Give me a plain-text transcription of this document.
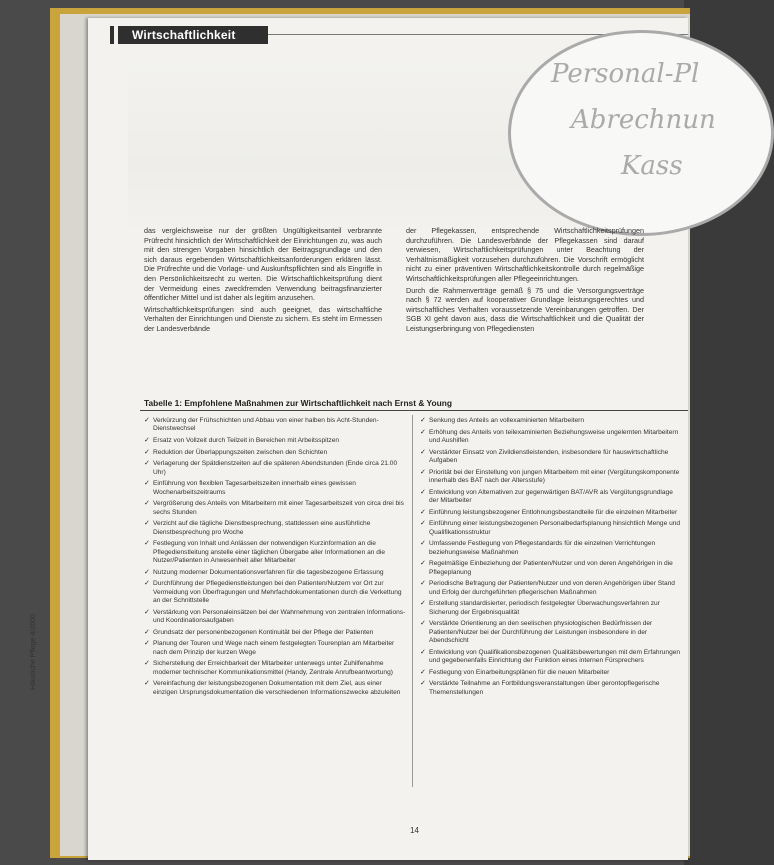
Wirtschaftlichkeit
Personal-Pl
Abrechnun
Kass

das vergleichsweise nur der größten Ungültigkeitsanteil verbrannte Prüfrecht hinsichtlich der Wirtschaftlichkeit der Einrichtungen zu, was auch mit den strengen Vorgaben hinsichtlich der Beitragsgrundlage und den sich daraus ergebenden Wirtschaftlichkeitsanforderungen erklären lässt. Die Prüfrechte und die Vorlage- und Auskunftspflichten sind als Eingriffe in den Persönlichkeitsrecht zu werten. Die Wirtschaftlichkeitsprüfung dient der Vermeidung eines zweckfremden Verwendung beitragsfinanzierter öffentlicher Mittel und ist daher als legitim anzusehen.

Wirtschaftlichkeitsprüfungen sind auch geeignet, das wirtschaftliche Verhalten der Einrichtungen und Dienste zu sichern. Es steht im Ermessen der Landesverbände

der Pflegekassen, entsprechende Wirtschaftlichkeitsprüfungen durchzuführen. Die Landesverbände der Pflegekassen sind darauf verwiesen, Wirtschaftlichkeitsprüfungen unter Beachtung der Verhältnismäßigkeit vorzusehen durchzuführen. Die Vorschrift ermöglicht nicht zu einer präventiven Wirtschaftlichkeitskontrolle durch regelmäßige Wirtschaftlichkeitsprüfungen aller Pflegeeinrichtungen.

Durch die Rahmenverträge gemäß § 75 und die Versorgungsverträge nach § 72 werden auf kooperativer Grundlage leistungsgerechtes und wirtschaftliches Verhalten voraussetzende Vereinbarungen getroffen. Der SGB XI geht davon aus, dass die Wirtschaftlichkeit und die Qualität der Leistungserbringung von Pflegediensten

Tabelle 1: Empfohlene Maßnahmen zur Wirtschaftlichkeit nach Ernst & Young
✓ Verkürzung der Frühschichten und Abbau von einer halben bis Acht-Stunden-Dienstwechsel
✓ Ersatz von Vollzeit durch Teilzeit in Bereichen mit Arbeitsspitzen
✓ Reduktion der Überlappungszeiten zwischen den Schichten
✓ Verlagerung der Spätdienstzeiten auf die späteren Abendstunden (Ende circa 21.00 Uhr)
✓ Einführung von flexiblen Tagesarbeitszeiten innerhalb eines gewissen Wochenarbeitszeitraums
✓ Vergrößerung des Anteils von Mitarbeitern mit einer Tagesarbeitszeit von circa drei bis sechs Stunden
✓ Verzicht auf die tägliche Dienstbesprechung, stattdessen eine ausführliche Dienstbesprechung pro Woche
✓ Festlegung von Inhalt und Anlässen der notwendigen Kurzinformation an die Pflegedienstleitung anstelle einer täglichen Übergabe aller Informationen an die Nutzer/Patienten in Anwesenheit aller Mitarbeiter
✓ Nutzung moderner Dokumentationsverfahren für die tagesbezogene Erfassung
✓ Durchführung der Pflegedienstleistungen bei den Patienten/Nutzern vor Ort zur Vermeidung von Überfragungen und Mehrfachdokumentationen durch die Verkettung an der Schnittstelle
✓ Verstärkung von Personaleinsätzen bei der Wahrnehmung von zentralen Informations- und Koordinationsaufgaben
✓ Grundsatz der personenbezogenen Kontinuität bei der Pflege der Patienten
✓ Planung der Touren und Wege nach einem festgelegten Tourenplan am Mitarbeiter nach dem Prinzip der kurzen Wege
✓ Sicherstellung der Erreichbarkeit der Mitarbeiter unterwegs unter Zuhilfenahme moderner technischer Kommunikationsmittel (Handy, Zentrale Anrufbeantwortung)
✓ Vereinfachung der leistungsbezogenen Dokumentation mit dem Ziel, aus einer einzigen Ursprungsdokumentation die verschiedenen Informationszwecke abzuleiten
✓ Senkung des Anteils an vollexaminierten Mitarbeitern
✓ Erhöhung des Anteils von teilexaminierten Beziehungsweise ungelernten Mitarbeitern und Aushilfen
✓ Verstärkter Einsatz von Zivildienstleistenden, insbesondere für hauswirtschaftliche Aufgaben
✓ Priorität bei der Einstellung von jungen Mitarbeitern mit einer (Vergütungskomponente innerhalb des BAT nach der Altersstufe)
✓ Entwicklung von Alternativen zur gegenwärtigen BAT/AVR als Vergütungsgrundlage der Mitarbeiter
✓ Einführung leistungsbezogener Entlohnungsbestandteile für die einzelnen Mitarbeiter
✓ Einführung einer leistungsbezogenen Personalbedarfsplanung hinsichtlich Menge und Qualifikationsstruktur
✓ Umfassende Festlegung von Pflegestandards für die einzelnen Verrichtungen beziehungsweise Maßnahmen
✓ Regelmäßige Einbeziehung der Patienten/Nutzer und von deren Angehörigen in die Pflegeplanung
✓ Periodische Befragung der Patienten/Nutzer und von deren Angehörigen über Stand und Erfolg der durchgeführten pflegerischen Maßnahmen
✓ Erstellung standardisierter, periodisch festgelegter Überwachungsverfahren zur Sicherung der Ergebnisqualität
✓ Verstärkte Orientierung an den seelischen physiologischen Bedürfnissen der Patienten/Nutzer bei der Durchführung der Leistungen insbesondere in der Abendschicht
✓ Entwicklung von Qualifikationsbezogenen Qualitätsbewertungen mit dem Erfahrungen und gegebenenfalls Einrichtung der Funktion eines internen Fürsprechers
✓ Festlegung von Einarbeitungsplänen für die neuen Mitarbeiter
✓ Verstärkte Teilnahme an Fortbildungsveranstaltungen über gerontopflegerische Themenstellungen
14
Häusliche Pflege 4/2000
